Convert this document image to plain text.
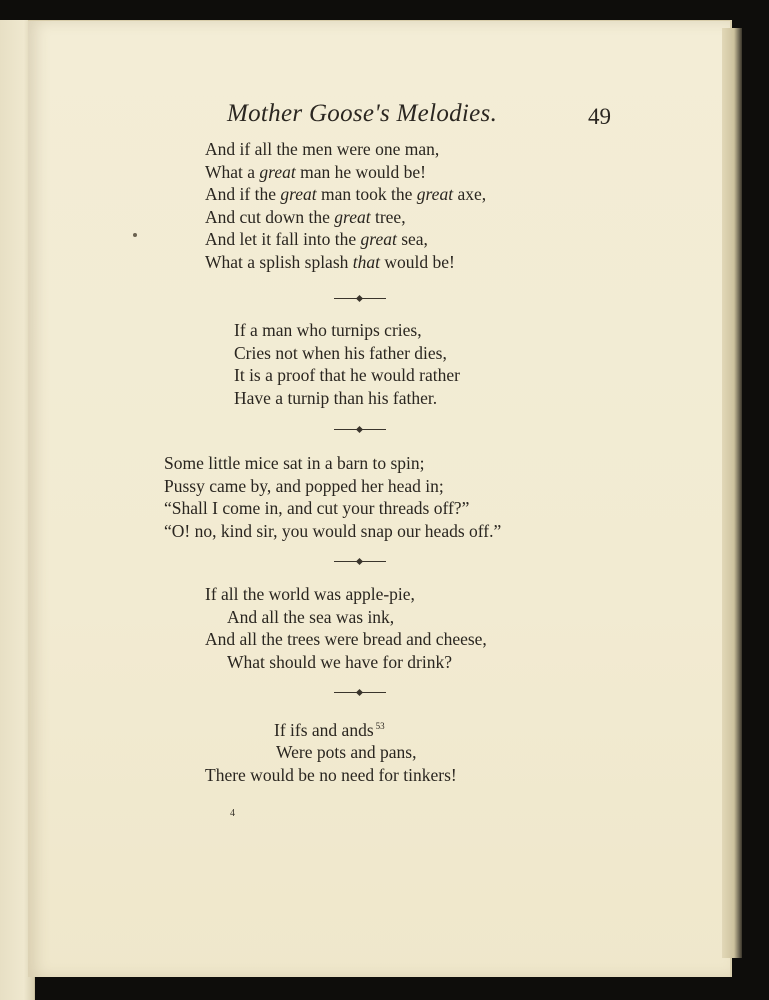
Mother Goose's Melodies.	49
And if all the men were one man,
What a great man he would be!
And if the great man took the great axe,
And cut down the great tree,
And let it fall into the great sea,
What a splish splash that would be!
If a man who turnips cries,
Cries not when his father dies,
It is a proof that he would rather
Have a turnip than his father.
Some little mice sat in a barn to spin;
Pussy came by, and popped her head in;
“Shall I come in, and cut your threads off?”
“O! no, kind sir, you would snap our heads off.”
If all the world was apple-pie,
And all the sea was ink,
And all the trees were bread and cheese,
What should we have for drink?
If ifs and ands $^{53}$
Were pots and pans,
There would be no need for tinkers!
4
